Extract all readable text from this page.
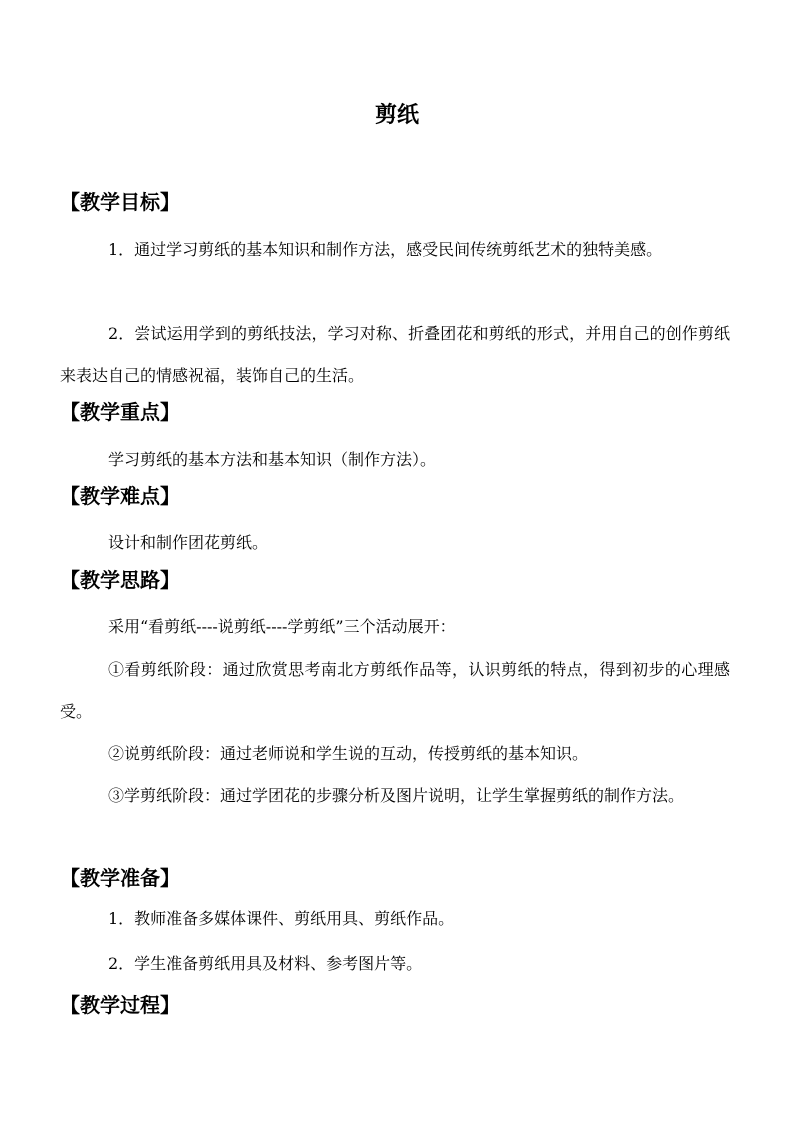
剪纸
【教学目标】
1．通过学习剪纸的基本知识和制作方法，感受民间传统剪纸艺术的独特美感。
2．尝试运用学到的剪纸技法，学习对称、折叠团花和剪纸的形式，并用自己的创作剪纸来表达自己的情感祝福，装饰自己的生活。
【教学重点】
学习剪纸的基本方法和基本知识（制作方法）。
【教学难点】
设计和制作团花剪纸。
【教学思路】
采用“看剪纸----说剪纸----学剪纸”三个活动展开：
①看剪纸阶段：通过欣赏思考南北方剪纸作品等，认识剪纸的特点，得到初步的心理感受。
②说剪纸阶段：通过老师说和学生说的互动，传授剪纸的基本知识。
③学剪纸阶段：通过学团花的步骤分析及图片说明，让学生掌握剪纸的制作方法。
【教学准备】
1．教师准备多媒体课件、剪纸用具、剪纸作品。
2．学生准备剪纸用具及材料、参考图片等。
【教学过程】
